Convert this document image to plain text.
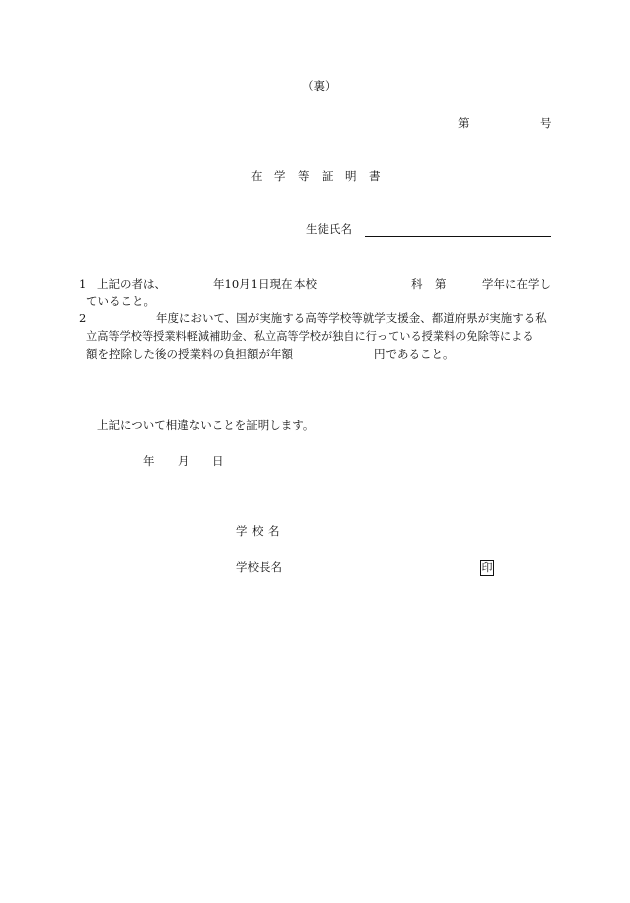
（裏）
第	号
在 学 等 証 明 書
生徒氏名
1 上記の者は、	年10月1日現在 本校	科 第	学年に在学し
ていること。
2	年度において、国が実施する高等学校等就学支援金、都道府県が実施する私
立高等学校等授業料軽減補助金、私立高等学校が独自に行っている授業料の免除等による
額を控除した後の授業料の負担額が年額	円であること。
上記について相違ないことを証明します。
年 月 日
学 校 名
学校長名	印
